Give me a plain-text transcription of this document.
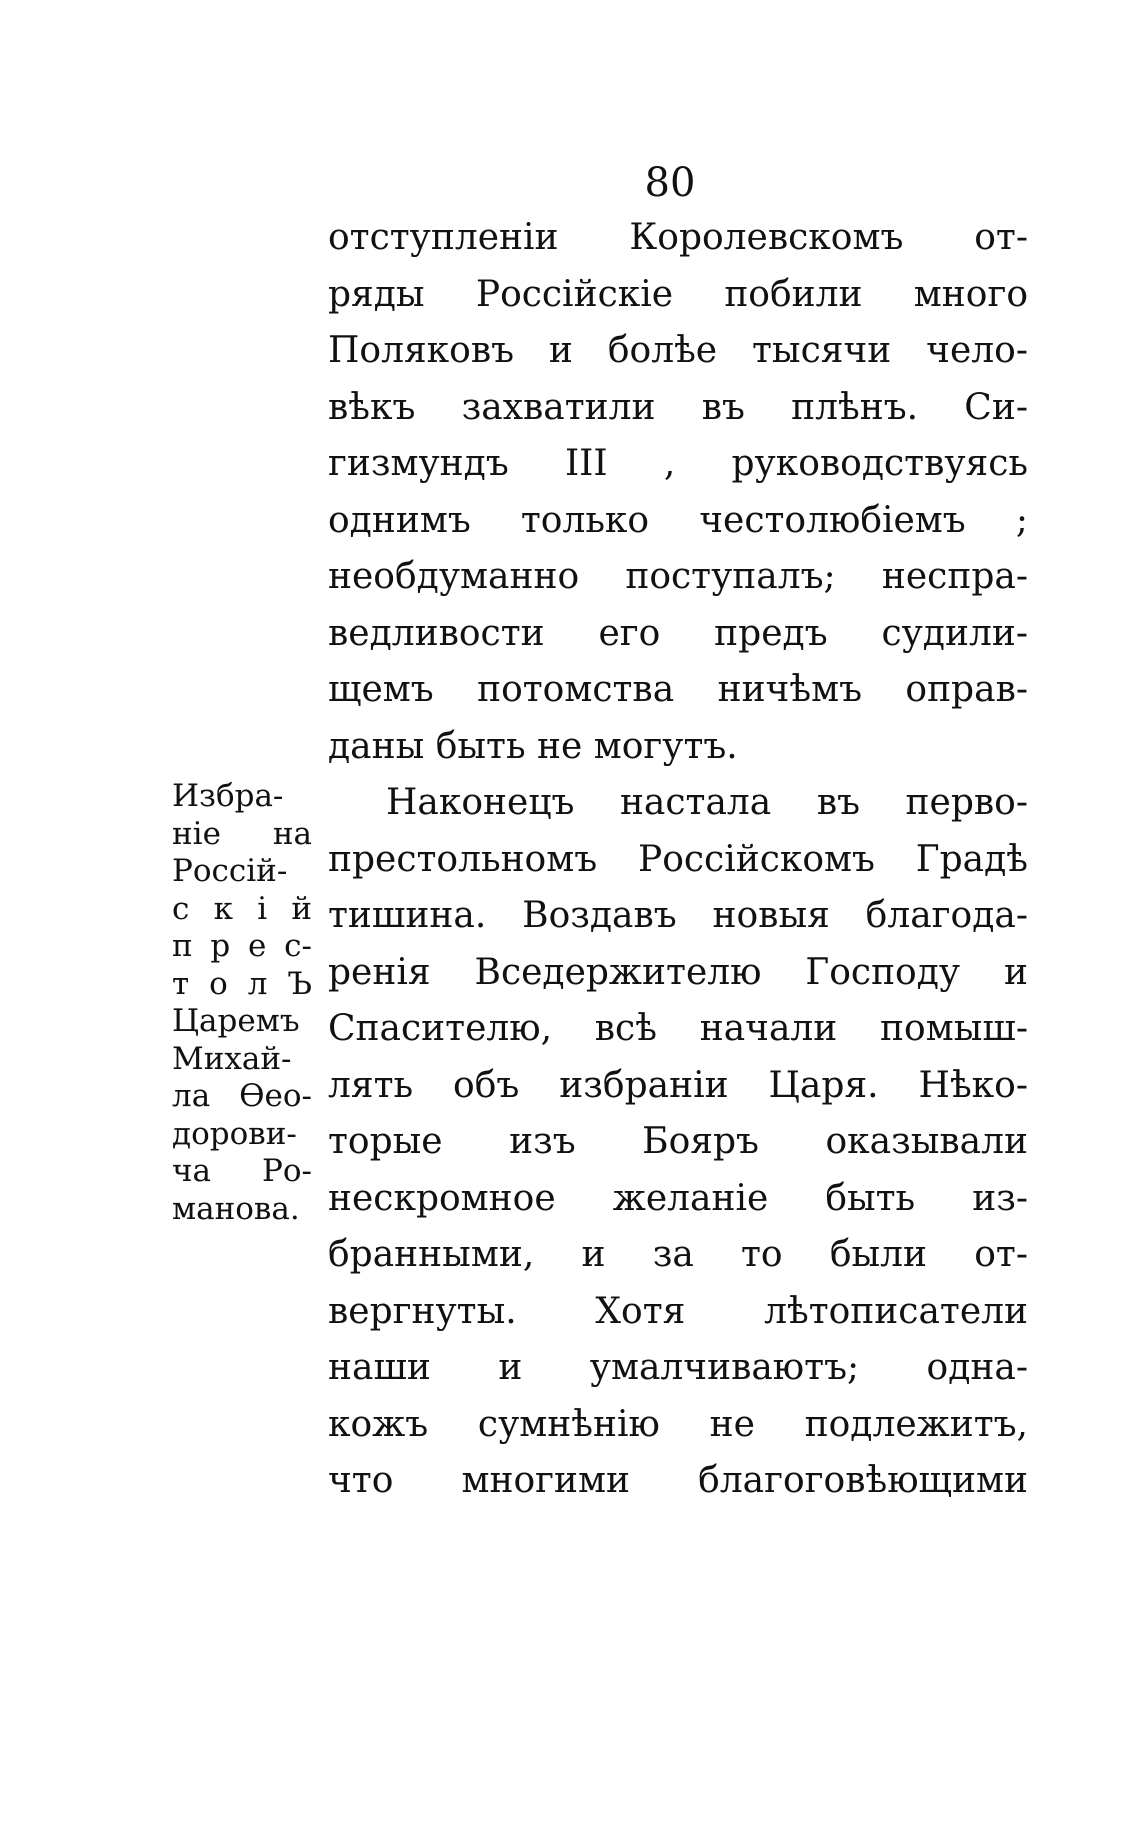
80
отступленіи Королевскомъ от-
ряды Россійскіе побили много
Поляковъ и болѣе тысячи чело-
вѣкъ захватили въ плѣнъ. Си-
гизмундъ III , руководствуясь
однимъ только честолюбіемъ ;
необдуманно поступалъ; неспра-
ведливости его предъ судили-
щемъ потомства ничѣмъ оправ-
даны быть не могутъ.
Наконецъ настала въ перво-
престольномъ Россійскомъ Градѣ
тишина. Воздавъ новыя благода-
ренія Вседержителю Господу и
Спасителю, всѣ начали помыш-
лять объ избраніи Царя. Нѣко-
торые изъ Бояръ оказывали
нескромное желаніе быть из-
бранными, и за то были от-
вергнуты. Хотя лѣтописатели
наши и умалчиваютъ; одна-
кожъ сумнѣнію не подлежитъ,
что многими благоговѣющими
Избра-
ніе на
Россій-
с к і й
п р е с-
т о л Ъ
Царемъ
Михай-
ла Ѳео-
дорови-
ча Ро-
манова.
